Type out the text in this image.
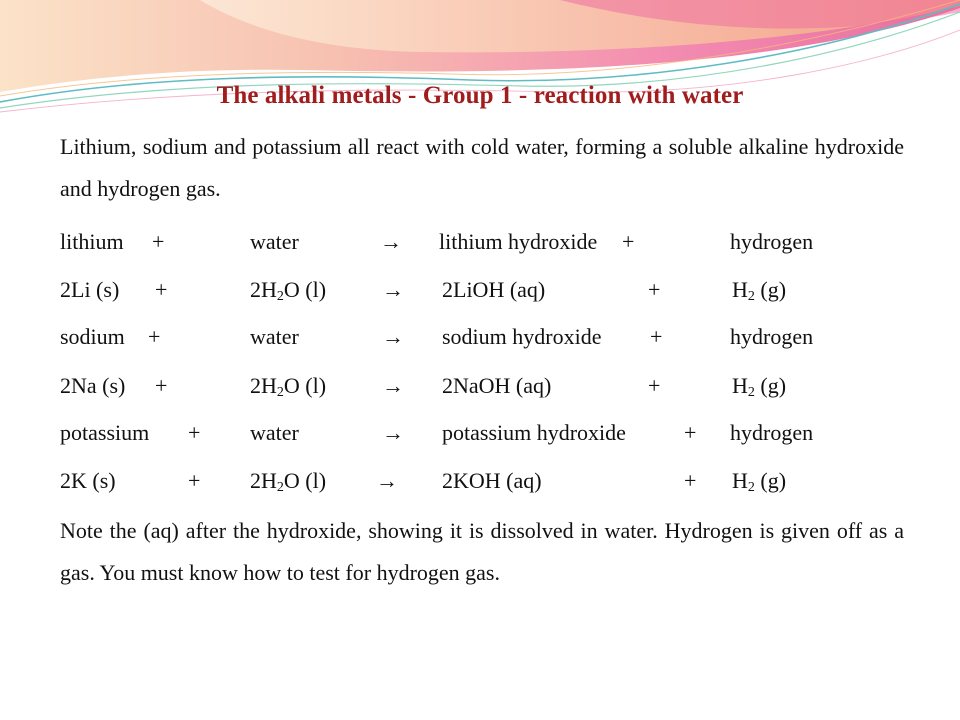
The alkali metals - Group 1 - reaction with water

Lithium, sodium and potassium all react with cold water, forming a soluble alkaline hydroxide and hydrogen gas.

lithium +	water	→ lithium hydroxide +	hydrogen
2Li (s) +	$2H_2O$ (l)	→ 2LiOH (aq)	+	$H_2$ (g)
sodium +	water	→ sodium hydroxide +	hydrogen
2Na (s) +	$2H_2O$ (l)	→ 2NaOH (aq)	+	$H_2$ (g)
potassium + water	→ potassium hydroxide	+ hydrogen
2K (s)	+ $2H_2O$ (l) → 2KOH (aq)	+ $H_2$ (g)

Note the (aq) after the hydroxide, showing it is dissolved in water. Hydrogen is given off as a gas. You must know how to test for hydrogen gas.
